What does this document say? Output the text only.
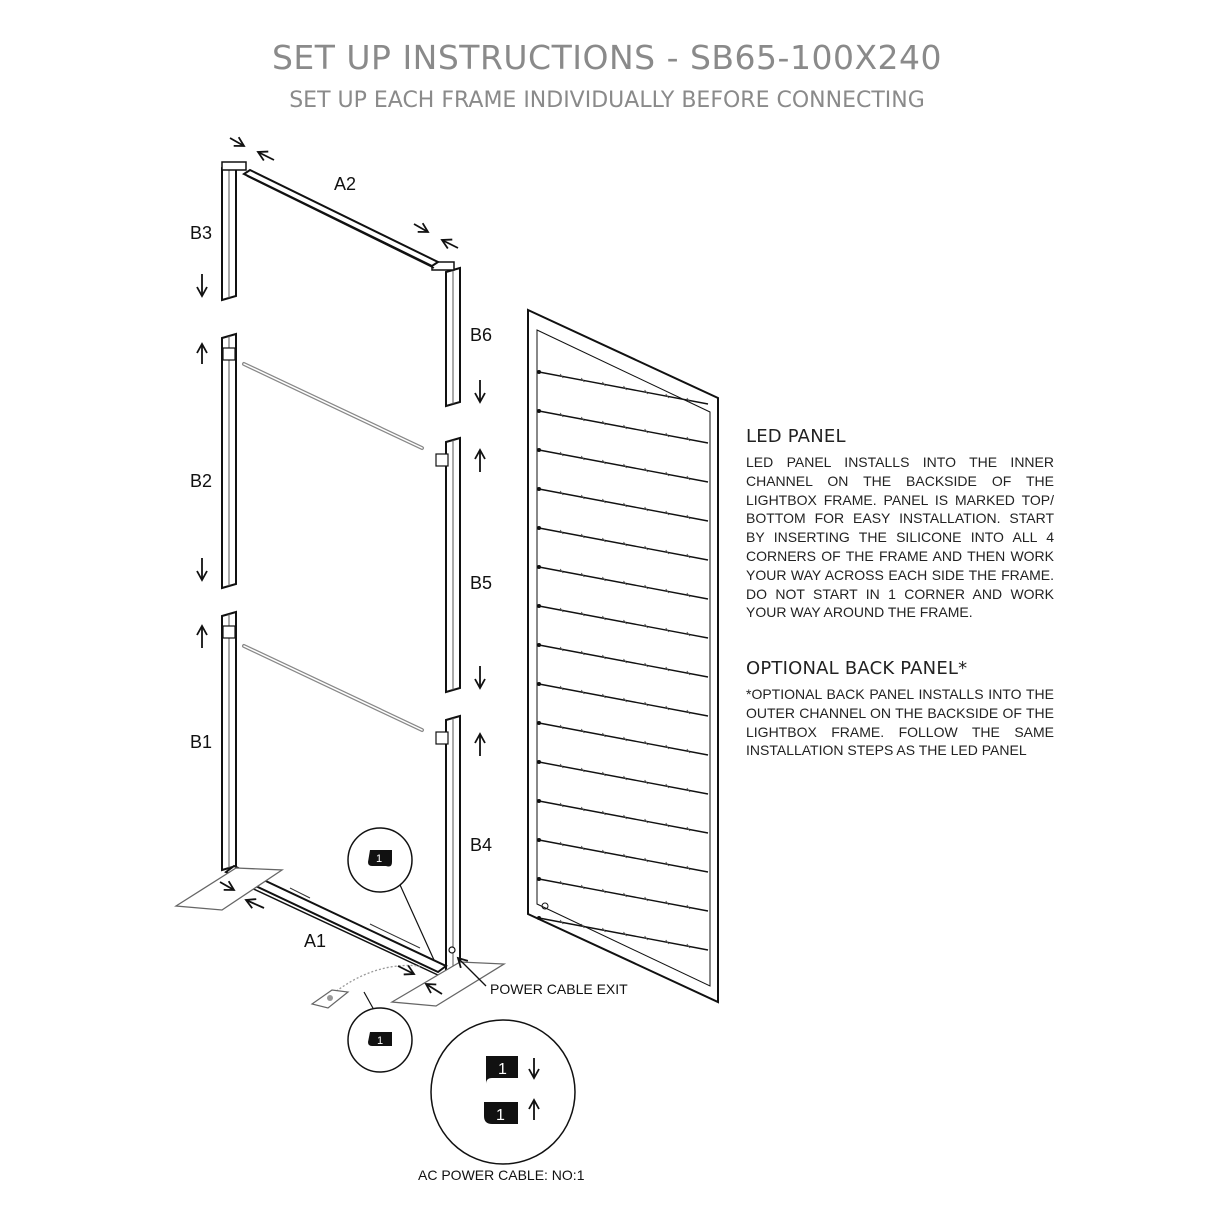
SET UP INSTRUCTIONS - SB65-100X240
SET UP EACH FRAME INDIVIDUALLY BEFORE CONNECTING
A2
B3
B6
B2
B5
B1
B4
A1
POWER CABLE EXIT
1
1
1
1
AC POWER CABLE: NO:1
LED PANEL

LED PANEL INSTALLS INTO THE INNER CHANNEL ON THE BACKSIDE OF THE LIGHTBOX FRAME. PANEL IS MARKED TOP/ BOTTOM FOR EASY INSTALLATION. START BY INSERTING THE SILICONE INTO ALL 4 CORNERS OF THE FRAME AND THEN WORK YOUR WAY ACROSS EACH SIDE THE FRAME. DO NOT START IN 1 CORNER AND WORK YOUR WAY AROUND THE FRAME.

OPTIONAL BACK PANEL*

*OPTIONAL BACK PANEL INSTALLS INTO THE OUTER CHANNEL ON THE BACKSIDE OF THE LIGHTBOX FRAME. FOLLOW THE SAME INSTALLATION STEPS AS THE LED PANEL
